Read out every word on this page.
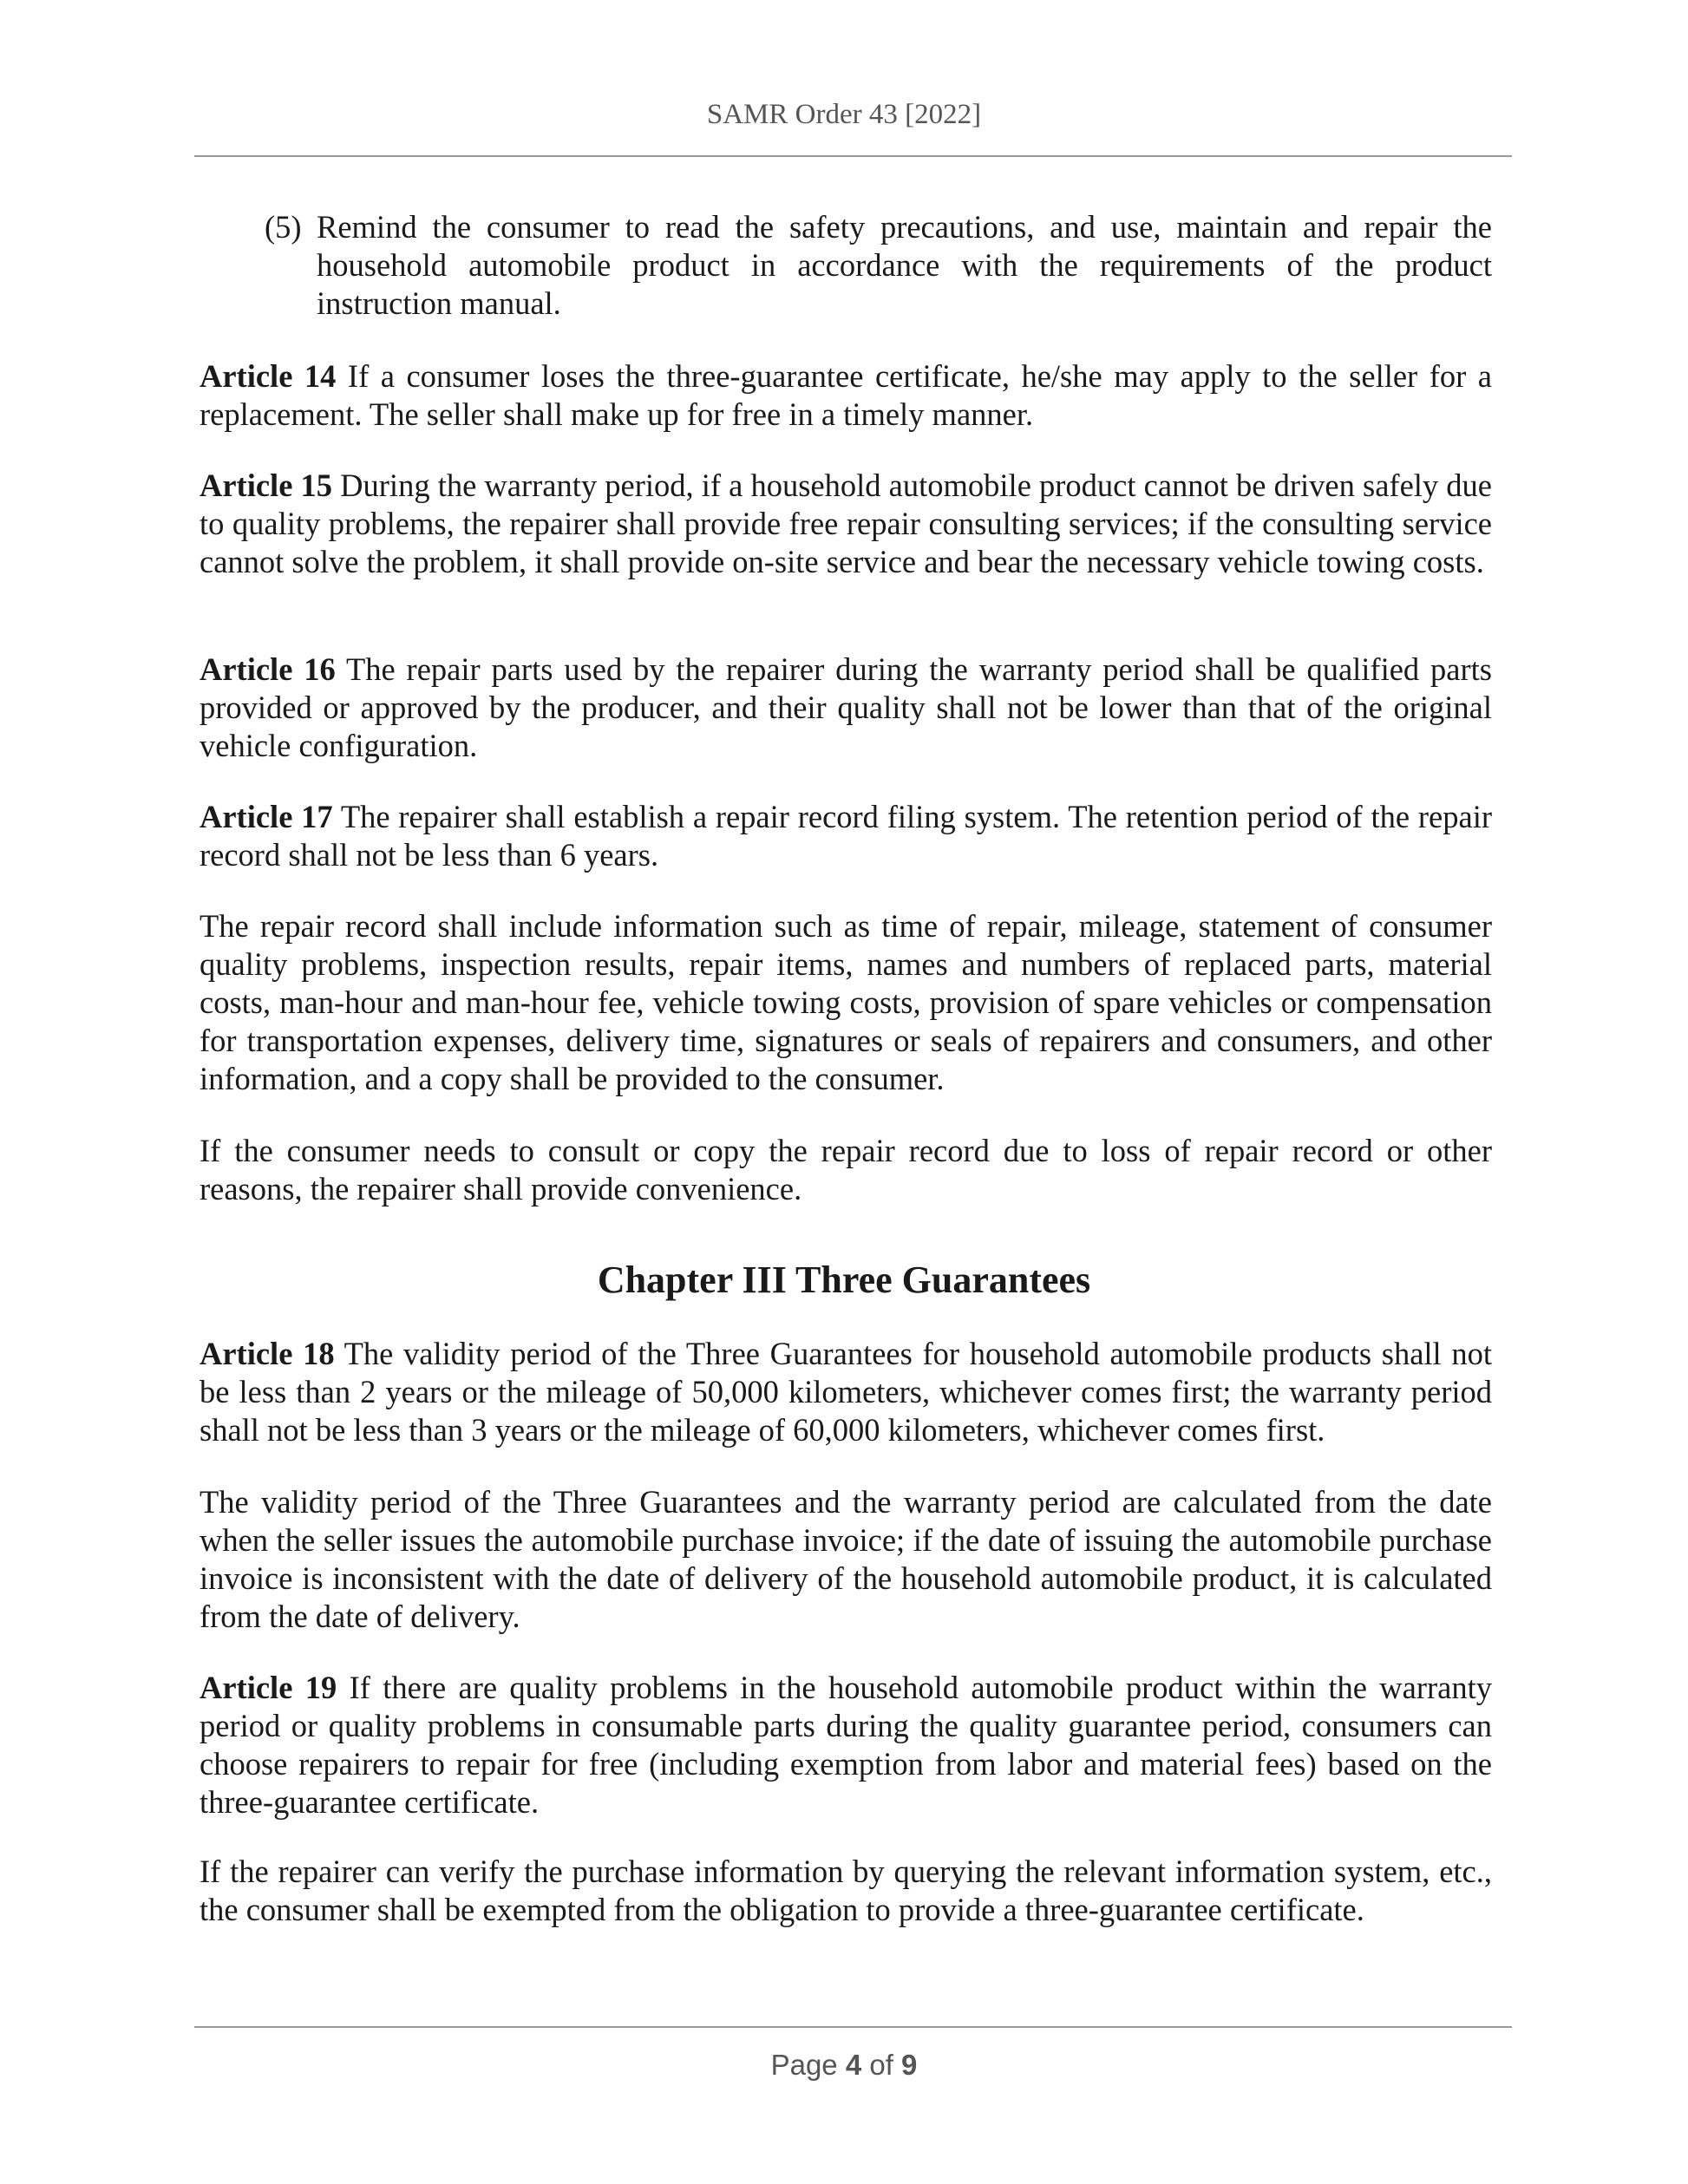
SAMR Order 43 [2022]
(5) Remind the consumer to read the safety precautions, and use, maintain and repair the household automobile product in accordance with the requirements of the product instruction manual.

Article 14 If a consumer loses the three-guarantee certificate, he/she may apply to the seller for a replacement. The seller shall make up for free in a timely manner.

Article 15 During the warranty period, if a household automobile product cannot be driven safely due to quality problems, the repairer shall provide free repair consulting services; if the consulting service cannot solve the problem, it shall provide on-site service and bear the necessary vehicle towing costs.

Article 16 The repair parts used by the repairer during the warranty period shall be qualified parts provided or approved by the producer, and their quality shall not be lower than that of the original vehicle configuration.

Article 17 The repairer shall establish a repair record filing system. The retention period of the repair record shall not be less than 6 years.

The repair record shall include information such as time of repair, mileage, statement of consumer quality problems, inspection results, repair items, names and numbers of replaced parts, material costs, man-hour and man-hour fee, vehicle towing costs, provision of spare vehicles or compensation for transportation expenses, delivery time, signatures or seals of repairers and consumers, and other information, and a copy shall be provided to the consumer.

If the consumer needs to consult or copy the repair record due to loss of repair record or other reasons, the repairer shall provide convenience.

Chapter III Three Guarantees

Article 18 The validity period of the Three Guarantees for household automobile products shall not be less than 2 years or the mileage of 50,000 kilometers, whichever comes first; the warranty period shall not be less than 3 years or the mileage of 60,000 kilometers, whichever comes first.

The validity period of the Three Guarantees and the warranty period are calculated from the date when the seller issues the automobile purchase invoice; if the date of issuing the automobile purchase invoice is inconsistent with the date of delivery of the household automobile product, it is calculated from the date of delivery.

Article 19 If there are quality problems in the household automobile product within the warranty period or quality problems in consumable parts during the quality guarantee period, consumers can choose repairers to repair for free (including exemption from labor and material fees) based on the three-guarantee certificate.

If the repairer can verify the purchase information by querying the relevant information system, etc., the consumer shall be exempted from the obligation to provide a three-guarantee certificate.

Page 4 of 9
